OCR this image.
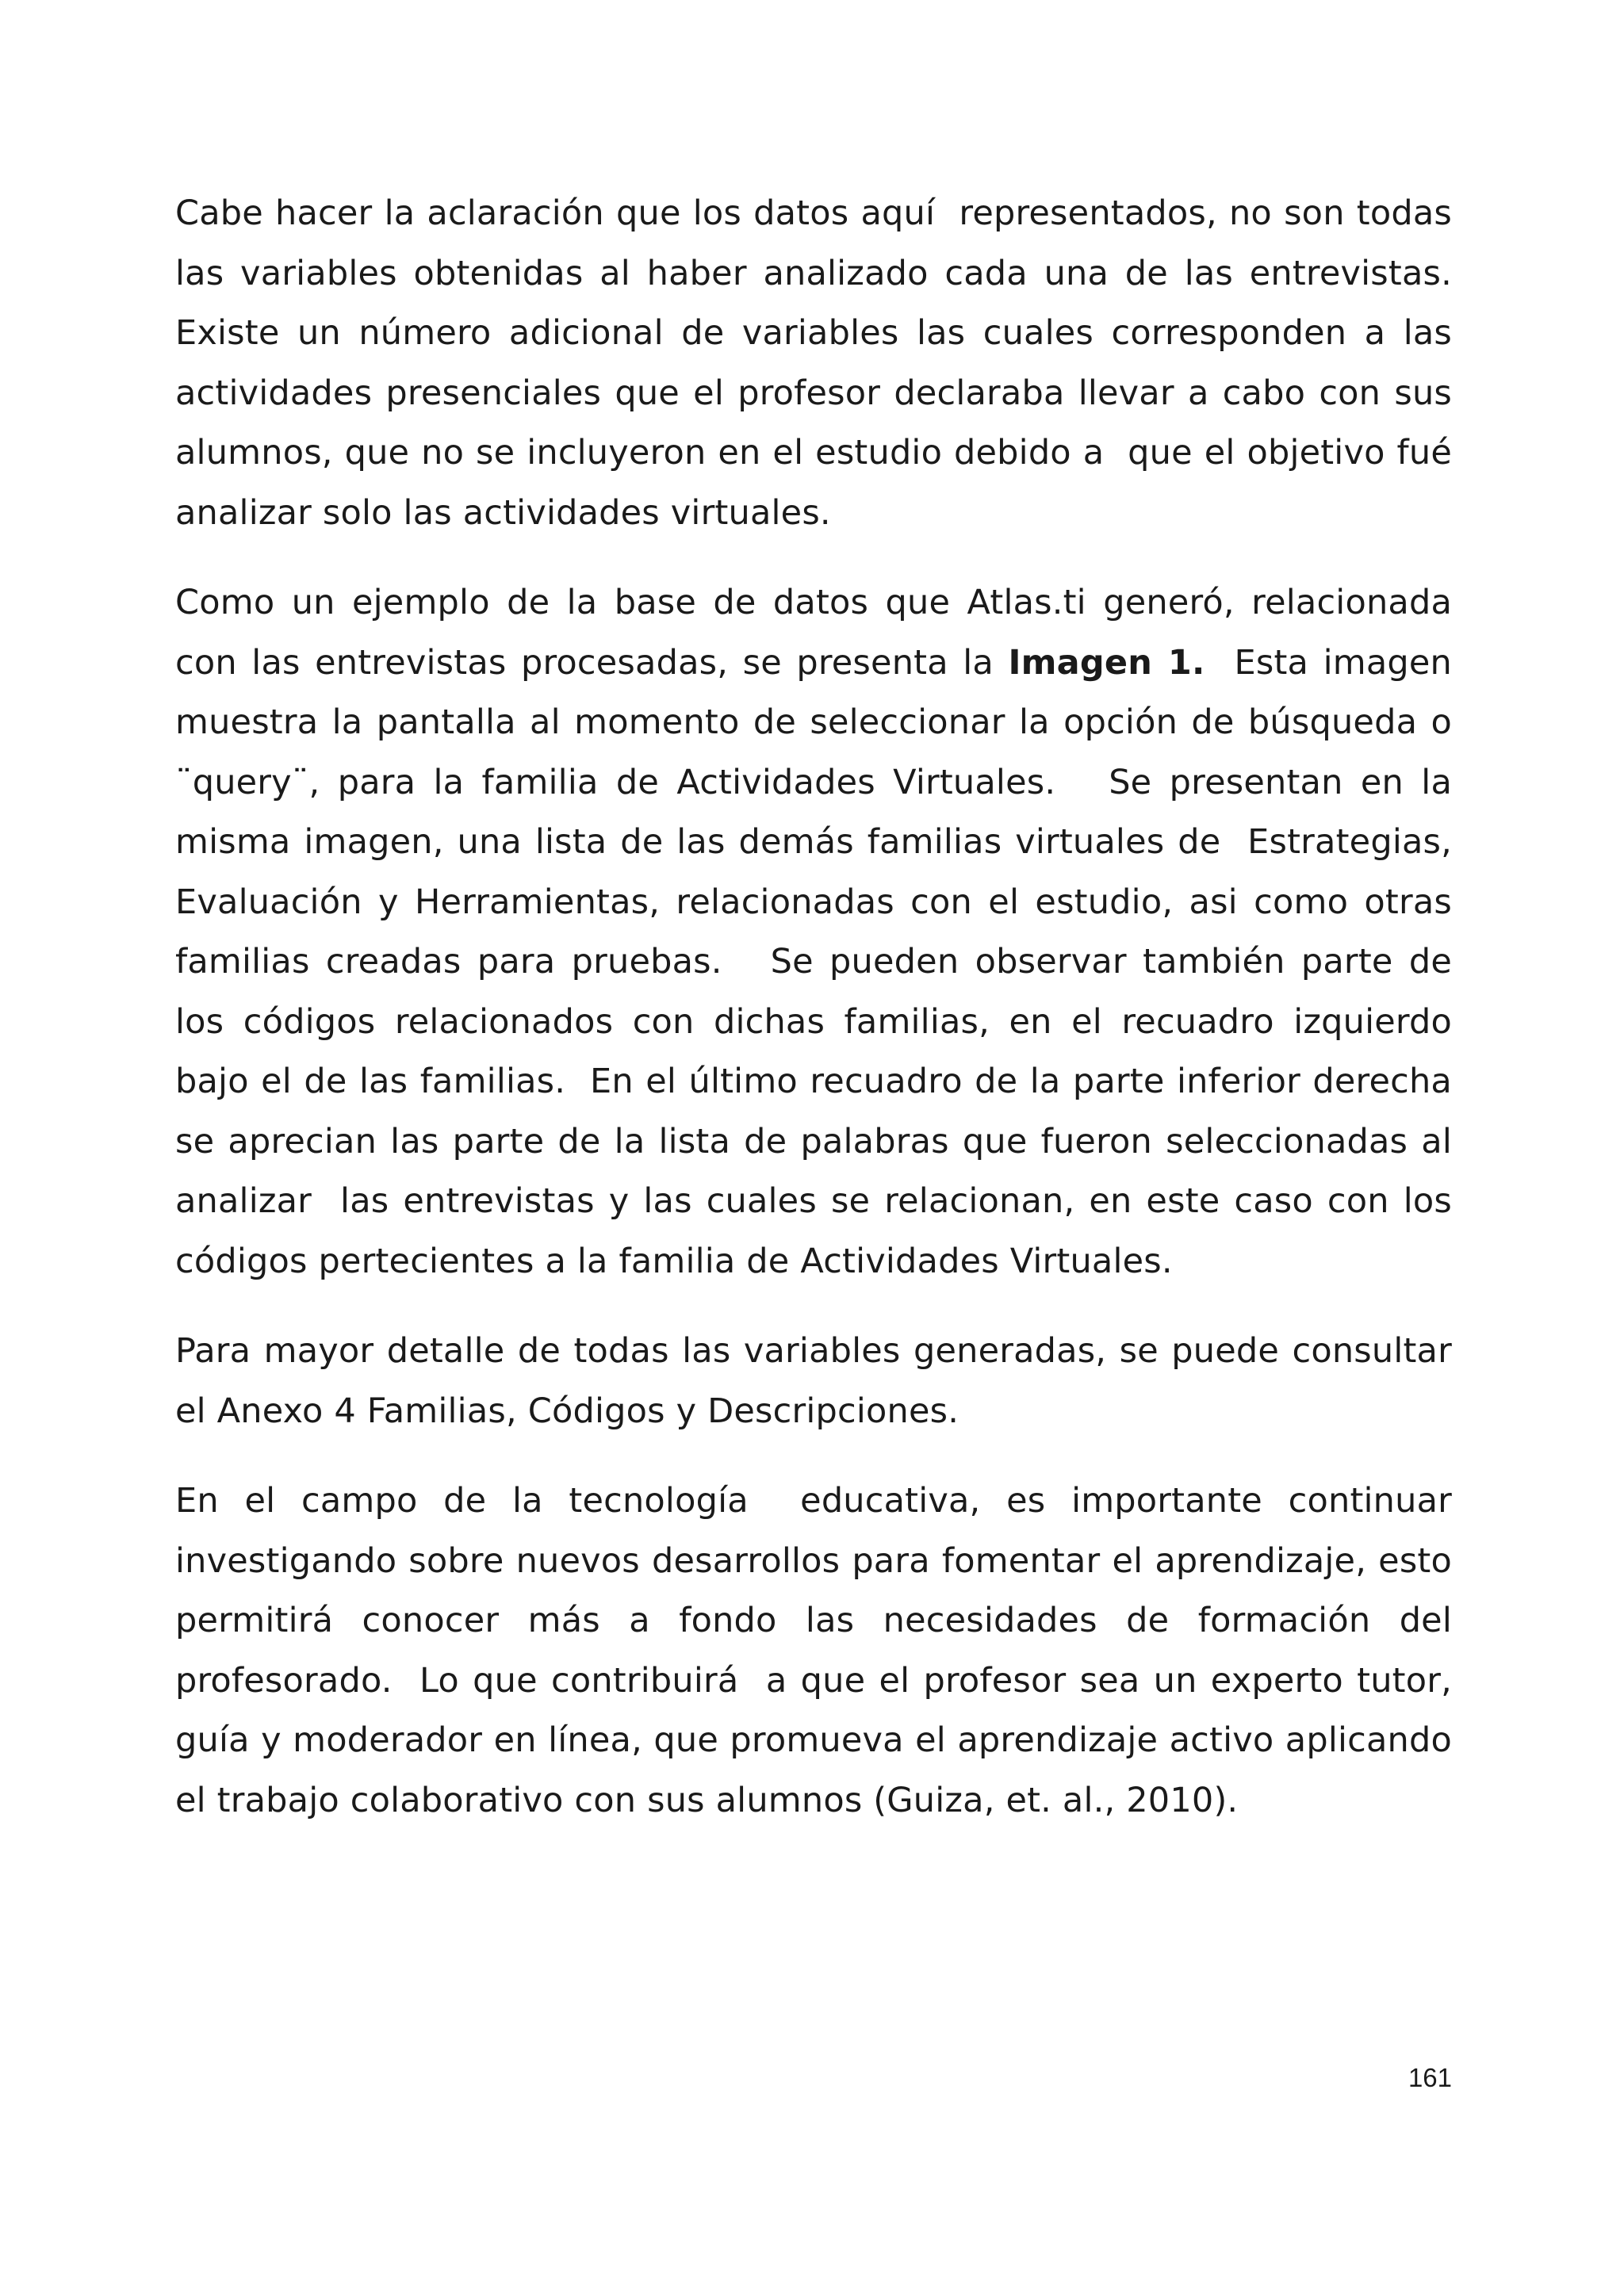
Cabe hacer la aclaración que los datos aquí  representados, no son todas las variables obtenidas al haber analizado cada una de las entrevistas.  Existe un número adicional de variables las cuales corresponden a las actividades presenciales que el profesor declaraba llevar a cabo con sus alumnos, que no se incluyeron en el estudio debido a  que el objetivo fué analizar solo las actividades virtuales.

Como un ejemplo de la base de datos que Atlas.ti generó, relacionada con las entrevistas procesadas, se presenta la Imagen 1.  Esta imagen muestra la pantalla al momento de seleccionar la opción de búsqueda o ¨query¨, para la familia de Actividades Virtuales.   Se presentan en la misma imagen, una lista de las demás familias virtuales de  Estrategias, Evaluación y Herramientas, relacionadas con el estudio, asi como otras familias creadas para pruebas.   Se pueden observar también parte de los códigos relacionados con dichas familias, en el recuadro izquierdo bajo el de las familias.  En el último recuadro de la parte inferior derecha se aprecian las parte de la lista de palabras que fueron seleccionadas al analizar  las entrevistas y las cuales se relacionan, en este caso con los códigos pertecientes a la familia de Actividades Virtuales.

Para mayor detalle de todas las variables generadas, se puede consultar  el Anexo 4 Familias, Códigos y Descripciones.

En el campo de la tecnología  educativa, es importante continuar investigando sobre nuevos desarrollos para fomentar el aprendizaje, esto permitirá conocer más a fondo las necesidades de formación del profesorado.  Lo que contribuirá  a que el profesor sea un experto tutor, guía y moderador en línea, que promueva el aprendizaje activo aplicando el trabajo colaborativo con sus alumnos (Guiza, et. al., 2010).

161
